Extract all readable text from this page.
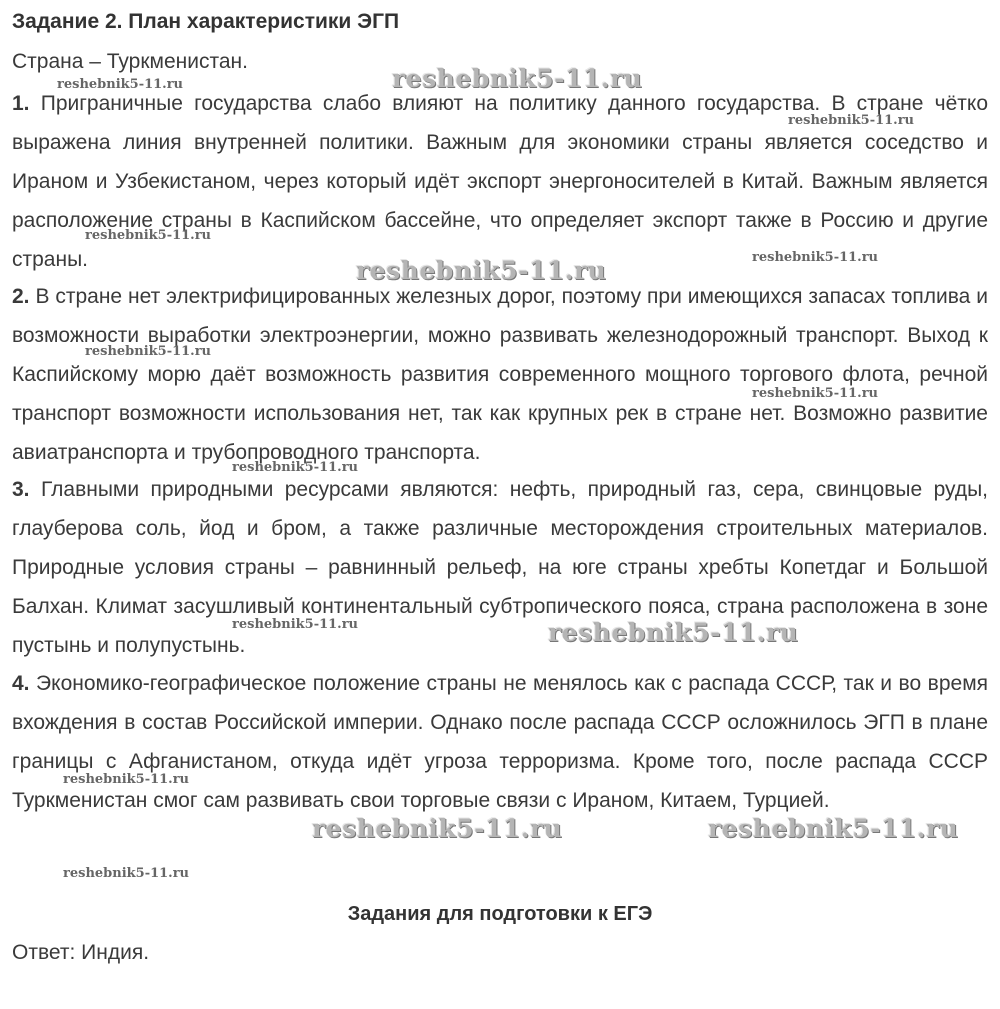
Задание 2. План характеристики ЭГП

Страна – Туркменистан.

1. Приграничные государства слабо влияют на политику данного государства. В стране чётко выражена линия внутренней политики. Важным для экономики страны является соседство и Ираном и Узбекистаном, через который идёт экспорт энергоносителей в Китай. Важным является расположение страны в Каспийском бассейне, что определяет экспорт также в Россию и другие страны.

2. В стране нет электрифицированных железных дорог, поэтому при имеющихся запасах топлива и возможности выработки электроэнергии, можно развивать железнодорожный транспорт. Выход к Каспийскому морю даёт возможность развития современного мощного торгового флота, речной транспорт возможности использования нет, так как крупных рек в стране нет. Возможно развитие авиатранспорта и трубопроводного транспорта.

3. Главными природными ресурсами являются: нефть, природный газ, сера, свинцовые руды, глауберова соль, йод и бром, а также различные месторождения строительных материалов. Природные условия страны – равнинный рельеф, на юге страны хребты Копетдаг и Большой Балхан. Климат засушливый континентальный субтропического пояса, страна расположена в зоне пустынь и полупустынь.

4. Экономико-географическое положение страны не менялось как с распада СССР, так и во время вхождения в состав Российской империи. Однако после распада СССР осложнилось ЭГП в плане границы с Афганистаном, откуда идёт угроза терроризма. Кроме того, после распада СССР Туркменистан смог сам развивать свои торговые связи с Ираном, Китаем, Турцией.

Задания для подготовки к ЕГЭ

Ответ: Индия.

reshebnik5-11.ru	reshebnik5-11.ru
reshebnik5-11.ru
reshebnik5-11.ru
reshebnik5-11.ru	reshebnik5-11.ru
reshebnik5-11.ru
reshebnik5-11.ru
reshebnik5-11.ru
reshebnik5-11.ru	reshebnik5-11.ru
reshebnik5-11.ru
reshebnik5-11.ru	reshebnik5-11.ru
reshebnik5-11.ru
